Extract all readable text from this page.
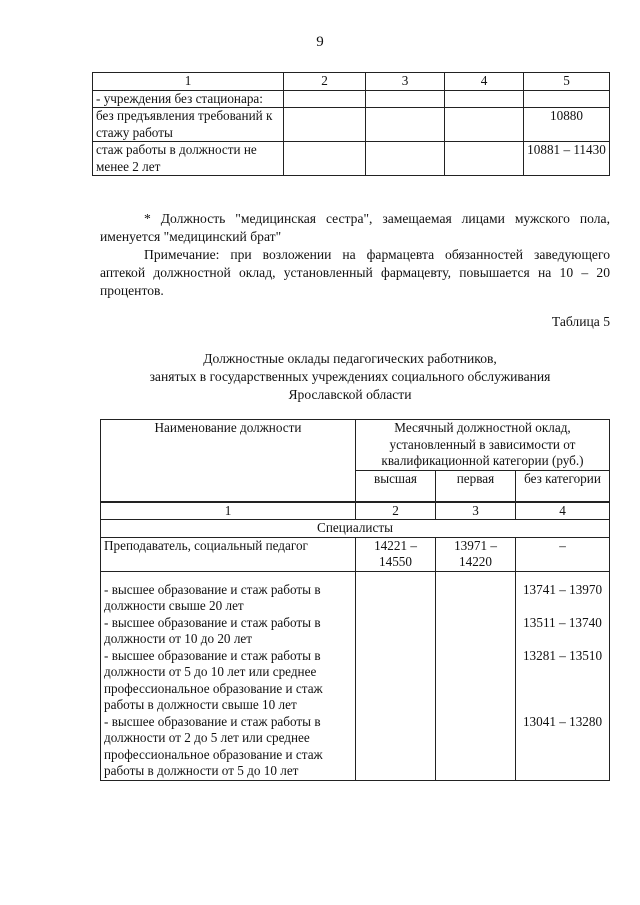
9
1	2	3	4	5
- учреждения без стационара:				
без предъявления требований к стажу работы				10880
стаж работы в должности не менее 2 лет				10881 – 11430
* Должность "медицинская сестра", замещаемая лицами мужского пола, именуется "медицинский брат"
Примечание: при возложении на фармацевта обязанностей заведующего аптекой должностной оклад, установленный фармацевту, повышается на 10 – 20 процентов.
Таблица 5
Должностные оклады педагогических работников,
занятых в государственных учреждениях социального обслуживания
Ярославской области
Наименование должности	Месячный должностной оклад, установленный в зависимости от квалификационной категории (руб.)		
	высшая	первая	без категории
1	2	3	4
Специалисты			
Преподаватель, социальный педагог	14221 – 14550	13971 – 14220	–
- высшее образование и стаж работы в должности свыше 20 лет			13741 – 13970
- высшее образование и стаж работы в должности от 10 до 20 лет			13511 – 13740
- высшее образование и стаж работы в должности от 5 до 10 лет или среднее профессиональное образование и стаж работы в должности свыше 10 лет			13281 – 13510
- высшее образование и стаж работы в должности от 2 до 5 лет или среднее профессиональное образование и стаж работы в должности от 5 до 10 лет			13041 – 13280
